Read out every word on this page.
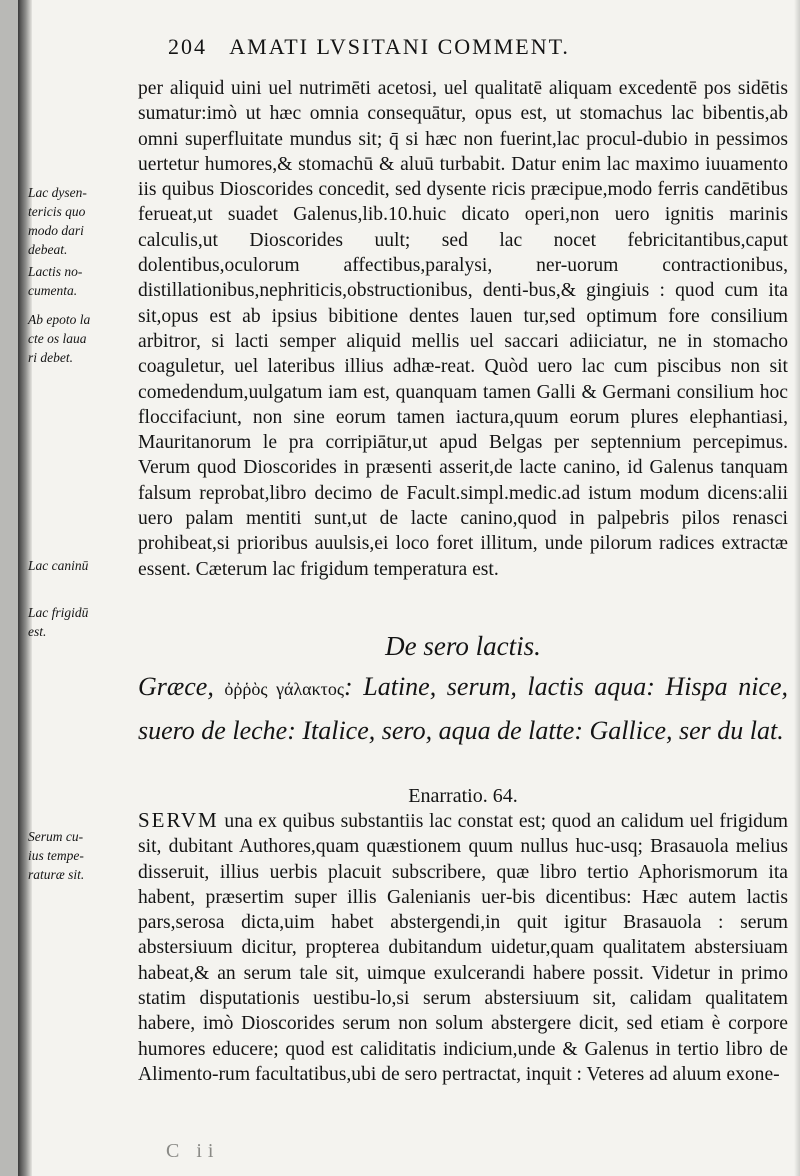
204 AMATI LVSITANI COMMENT.
Lac dysen-
tericis quo
modo dari
debeat.
Lactis no-
cumenta.
Ab epoto la
cte os laua
ri debet.
Lac caninū
Lac frigidū
est.
Serum cu-
ius tempe-
raturæ sit.

per aliquid uini uel nutrimēti acetosi, uel qualitatē aliquam excedentē pos sidētis sumatur:imò ut hæc omnia consequātur, opus est, ut stomachus lac bibentis,ab omni superfluitate mundus sit; q̄ si hæc non fuerint,lac procul-dubio in pessimos uertetur humores,& stomachū & aluū turbabit. Datur enim lac maximo iuuamento iis quibus Dioscorides concedit, sed dysente ricis præcipue,modo ferris candētibus ferueat,ut suadet Galenus,lib.10.huic dicato operi,non uero ignitis marinis calculis,ut Dioscorides uult; sed lac nocet febricitantibus,caput dolentibus,oculorum affectibus,paralysi, ner-uorum contractionibus, distillationibus,nephriticis,obstructionibus, denti-bus,& gingiuis : quod cum ita sit,opus est ab ipsius bibitione dentes lauen tur,sed optimum fore consilium arbitror, si lacti semper aliquid mellis uel saccari adiiciatur, ne in stomacho coaguletur, uel lateribus illius adhæ-reat. Quòd uero lac cum piscibus non sit comedendum,uulgatum iam est, quanquam tamen Galli & Germani consilium hoc floccifaciunt, non sine eorum tamen iactura,quum eorum plures elephantiasi, Mauritanorum le pra corripiātur,ut apud Belgas per septennium percepimus. Verum quod Dioscorides in præsenti asserit,de lacte canino, id Galenus tanquam falsum reprobat,libro decimo de Facult.simpl.medic.ad istum modum dicens:alii uero palam mentiti sunt,ut de lacte canino,quod in palpebris pilos renasci prohibeat,si prioribus auulsis,ei loco foret illitum, unde pilorum radices extractæ essent. Cæterum lac frigidum temperatura est.

De sero lactis.
Græce, ὀῤῥὸς γάλακτος: Latine, serum, lactis aqua: Hispa nice, suero de leche: Italice, sero, aqua de latte: Gallice, ser du lat.
Enarratio. 64.

SERVM una ex quibus substantiis lac constat est; quod an calidum uel frigidum sit, dubitant Authores,quam quæstionem quum nullus huc-usq; Brasauola melius disseruit, illius uerbis placuit subscribere, quæ libro tertio Aphorismorum ita habent, præsertim super illis Galenianis uer-bis dicentibus: Hæc autem lactis pars,serosa dicta,uim habet abstergendi,in quit igitur Brasauola : serum abstersiuum dicitur, propterea dubitandum uidetur,quam qualitatem abstersiuam habeat,& an serum tale sit, uimque exulcerandi habere possit. Videtur in primo statim disputationis uestibu-lo,si serum abstersiuum sit, calidam qualitatem habere, imò Dioscorides serum non solum abstergere dicit, sed etiam è corpore humores educere; quod est caliditatis indicium,unde & Galenus in tertio libro de Alimento-rum facultatibus,ubi de sero pertractat, inquit : Veteres ad aluum exone-

C ii
